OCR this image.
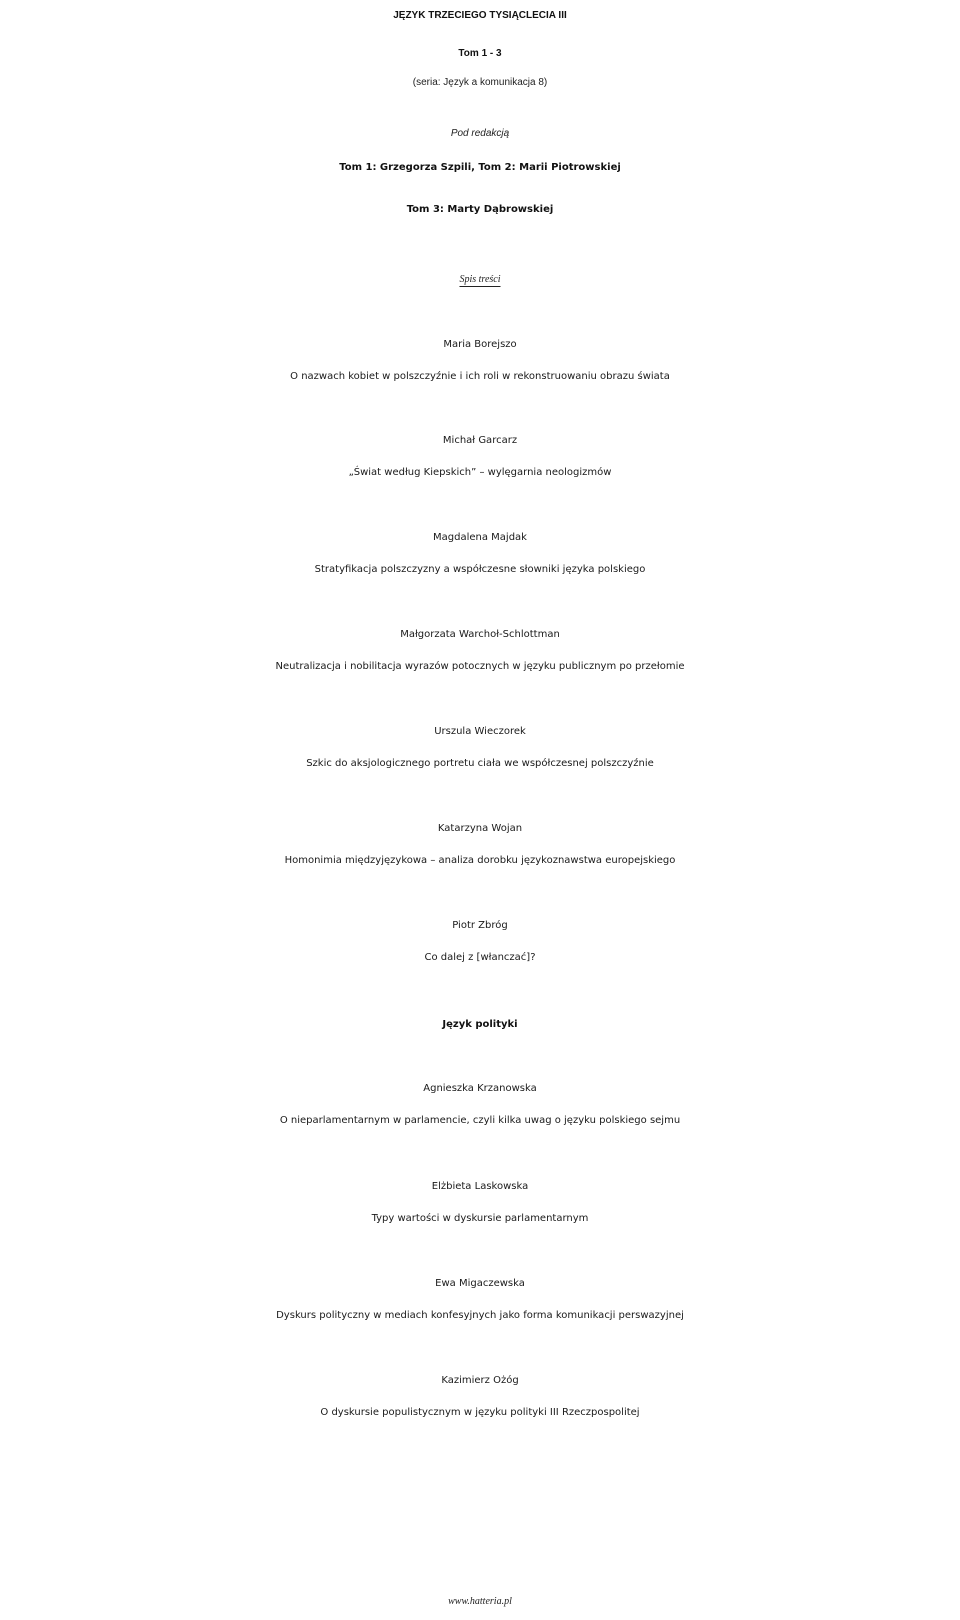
JĘZYK TRZECIEGO TYSIĄCLECIA III
Tom 1 - 3
(seria: Język a komunikacja 8)
Pod redakcją
Tom 1: Grzegorza Szpili, Tom 2: Marii Piotrowskiej
Tom 3: Marty Dąbrowskiej
Spis treści
Maria Borejszo
O nazwach kobiet w polszczyźnie i ich roli w rekonstruowaniu obrazu świata
Michał Garcarz
„Świat według Kiepskich” – wylęgarnia neologizmów
Magdalena Majdak
Stratyfikacja polszczyzny a współczesne słowniki języka polskiego
Małgorzata Warchoł-Schlottman
Neutralizacja i nobilitacja wyrazów potocznych w języku publicznym po przełomie
Urszula Wieczorek
Szkic do aksjologicznego portretu ciała we współczesnej polszczyźnie
Katarzyna Wojan
Homonimia międzyjęzykowa – analiza dorobku językoznawstwa europejskiego
Piotr Zbróg
Co dalej z [włanczać]?
Język polityki
Agnieszka Krzanowska
O nieparlamentarnym w parlamencie, czyli kilka uwag o języku polskiego sejmu
Elżbieta Laskowska
Typy wartości w dyskursie parlamentarnym
Ewa Migaczewska
Dyskurs polityczny w mediach konfesyjnych jako forma komunikacji perswazyjnej
Kazimierz Ożóg
O dyskursie populistycznym w języku polityki III Rzeczpospolitej
www.hatteria.pl
